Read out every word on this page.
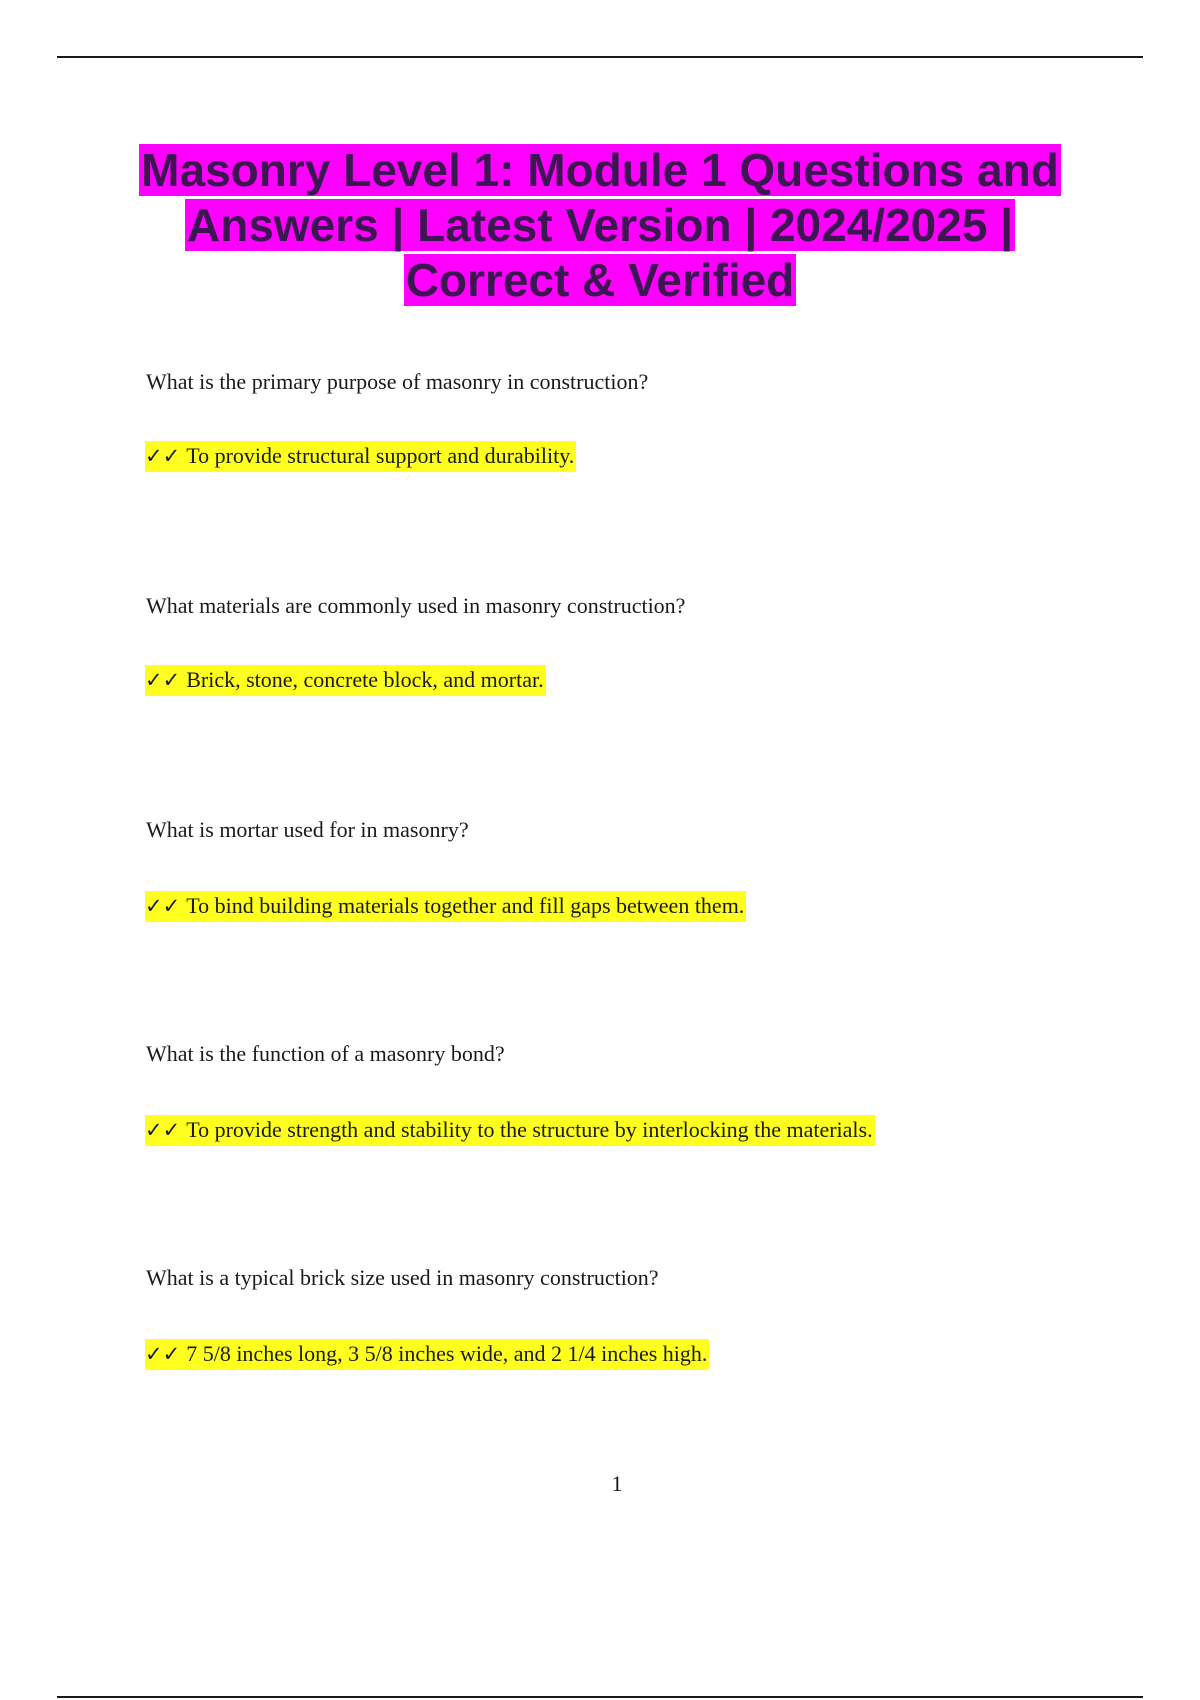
Masonry Level 1: Module 1 Questions and Answers | Latest Version | 2024/2025 | Correct & Verified
What is the primary purpose of masonry in construction?
✓✓ To provide structural support and durability.
What materials are commonly used in masonry construction?
✓✓ Brick, stone, concrete block, and mortar.
What is mortar used for in masonry?
✓✓ To bind building materials together and fill gaps between them.
What is the function of a masonry bond?
✓✓ To provide strength and stability to the structure by interlocking the materials.
What is a typical brick size used in masonry construction?
✓✓ 7 5/8 inches long, 3 5/8 inches wide, and 2 1/4 inches high.
1
